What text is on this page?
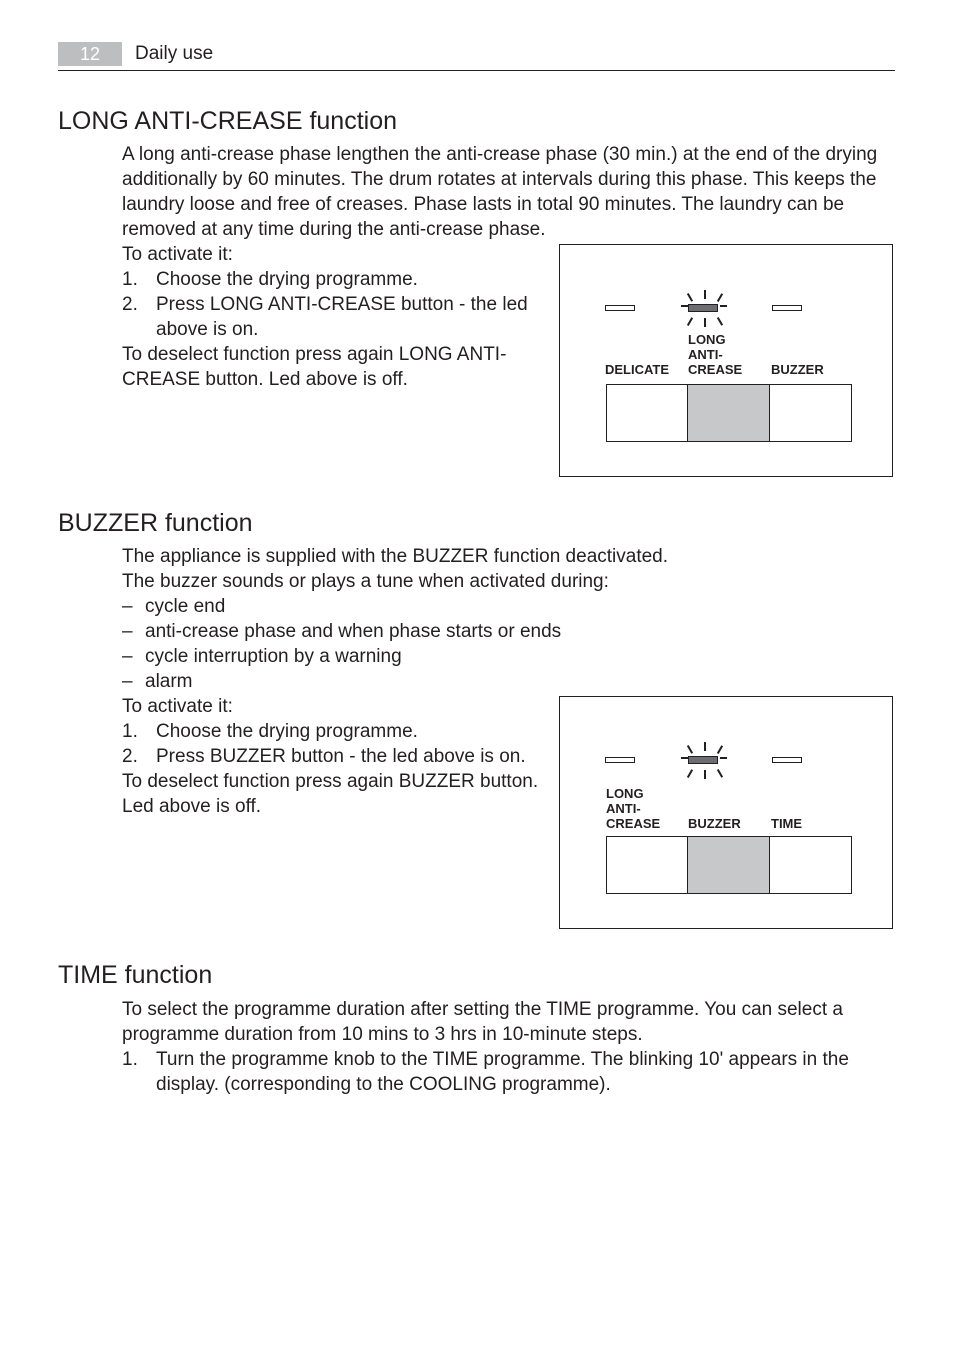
12	Daily use
LONG ANTI-CREASE function
A long anti-crease phase lengthen the anti-crease phase (30 min.) at the end of the drying
additionally by 60 minutes. The drum rotates at intervals during this phase. This keeps the
laundry loose and free of creases. Phase lasts in total 90 minutes. The laundry can be
removed at any time during the anti-crease phase.
To activate it:
1. Choose the drying programme.
2. Press LONG ANTI-CREASE button - the led
above is on.
To deselect function press again LONG ANTI-
CREASE button. Led above is off.	DELICATE
LONG
ANTI-
CREASE BUZZER
BUZZER function
The appliance is supplied with the BUZZER function deactivated.
The buzzer sounds or plays a tune when activated during:
– cycle end
– anti-crease phase and when phase starts or ends
– cycle interruption by a warning
– alarm
To activate it:
1. Choose the drying programme.
2. Press BUZZER button - the led above is on.
To deselect function press again BUZZER button.
Led above is off.
LONG
ANTI-
CREASE BUZZER TIME
TIME function
To select the programme duration after setting the TIME programme. You can select a
programme duration from 10 mins to 3 hrs in 10-minute steps.
1. Turn the programme knob to the TIME programme. The blinking 10' appears in the
display. (corresponding to the COOLING programme).
